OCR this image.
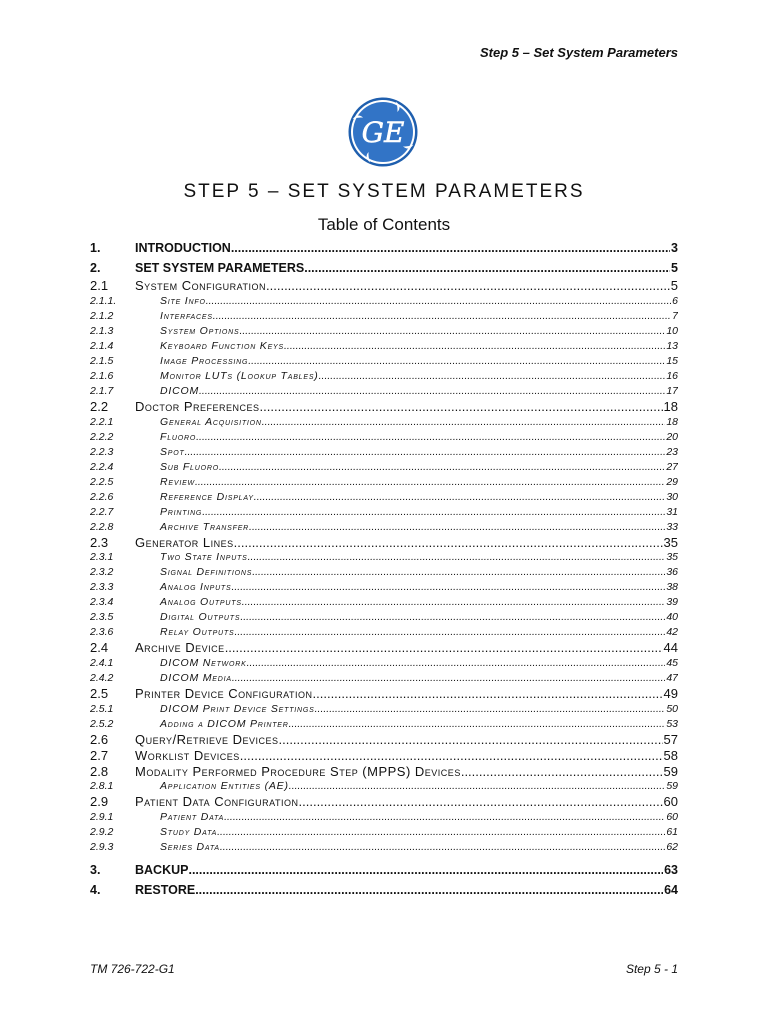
Step 5 – Set System Parameters
GE
STEP 5 – SET SYSTEM PARAMETERS
Table of Contents
1.	INTRODUCTION .....	3
2.	SET SYSTEM PARAMETERS .....	5
2.1	System Configuration .....	5
2.1.1.	Site Info .....	6
2.1.2	Interfaces .....	7
2.1.3	System Options .....	10
2.1.4	Keyboard Function Keys .....	13
2.1.5	Image Processing .....	15
2.1.6	Monitor LUTs (Lookup Tables) .....	16
2.1.7	DICOM .....	17
2.2	Doctor Preferences .....	18
2.2.1	General Acquisition .....	18
2.2.2	Fluoro .....	20
2.2.3	Spot .....	23
2.2.4	Sub Fluoro .....	27
2.2.5	Review .....	29
2.2.6	Reference Display .....	30
2.2.7	Printing .....	31
2.2.8	Archive Transfer .....	33
2.3	Generator Lines .....	35
2.3.1	Two State Inputs .....	35
2.3.2	Signal Definitions .....	36
2.3.3	Analog Inputs .....	38
2.3.4	Analog Outputs .....	39
2.3.5	Digital Outputs .....	40
2.3.6	Relay Outputs .....	42
2.4	Archive Device .....	44
2.4.1	DICOM Network .....	45
2.4.2	DICOM Media .....	47
2.5	Printer Device Configuration .....	49
2.5.1	DICOM Print Device Settings .....	50
2.5.2	Adding a DICOM Printer .....	53
2.6	Query/Retrieve Devices .....	57
2.7	Worklist Devices .....	58
2.8	Modality Performed Procedure Step (MPPS) Devices .....	59
2.8.1	Application Entities (AE) .....	59
2.9	Patient Data Configuration .....	60
2.9.1	Patient Data .....	60
2.9.2	Study Data .....	61
2.9.3	Series Data .....	62
3.	BACKUP .....	63
4.	RESTORE .....	64
TM 726-722-G1	Step 5 - 1
